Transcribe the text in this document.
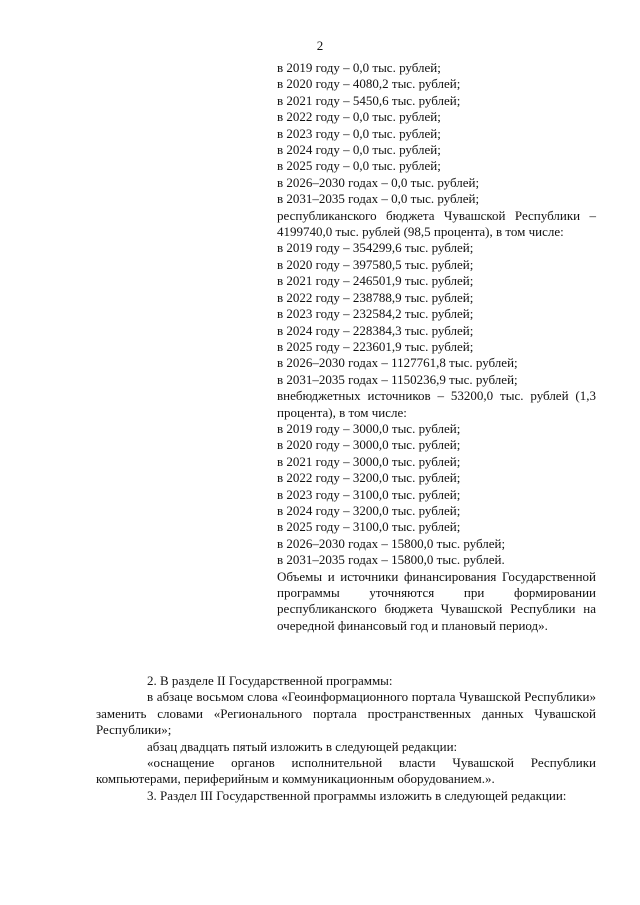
2
в 2019 году – 0,0 тыс. рублей;
в 2020 году – 4080,2 тыс. рублей;
в 2021 году – 5450,6 тыс. рублей;
в 2022 году – 0,0 тыс. рублей;
в 2023 году – 0,0 тыс. рублей;
в 2024 году – 0,0 тыс. рублей;
в 2025 году – 0,0 тыс. рублей;
в 2026–2030 годах – 0,0 тыс. рублей;
в 2031–2035 годах – 0,0 тыс. рублей;
республиканского бюджета Чувашской Республики – 4199740,0 тыс. рублей (98,5 процента), в том числе:
в 2019 году – 354299,6 тыс. рублей;
в 2020 году – 397580,5 тыс. рублей;
в 2021 году – 246501,9 тыс. рублей;
в 2022 году – 238788,9 тыс. рублей;
в 2023 году – 232584,2 тыс. рублей;
в 2024 году – 228384,3 тыс. рублей;
в 2025 году – 223601,9 тыс. рублей;
в 2026–2030 годах – 1127761,8 тыс. рублей;
в 2031–2035 годах – 1150236,9 тыс. рублей;
внебюджетных источников – 53200,0 тыс. рублей (1,3 процента), в том числе:
в 2019 году – 3000,0 тыс. рублей;
в 2020 году – 3000,0 тыс. рублей;
в 2021 году – 3000,0 тыс. рублей;
в 2022 году – 3200,0 тыс. рублей;
в 2023 году – 3100,0 тыс. рублей;
в 2024 году – 3200,0 тыс. рублей;
в 2025 году – 3100,0 тыс. рублей;
в 2026–2030 годах – 15800,0 тыс. рублей;
в 2031–2035 годах – 15800,0 тыс. рублей.
Объемы и источники финансирования Государственной программы уточняются при формировании республиканского бюджета Чувашской Республики на очередной финансовый год и плановый период».

2. В разделе II Государственной программы:

в абзаце восьмом слова «Геоинформационного портала Чувашской Республики» заменить словами «Регионального портала пространственных данных Чувашской Республики»;

абзац двадцать пятый изложить в следующей редакции:

«оснащение органов исполнительной власти Чувашской Республики компьютерами, периферийным и коммуникационным оборудованием.».

3. Раздел III Государственной программы изложить в следующей редакции:
